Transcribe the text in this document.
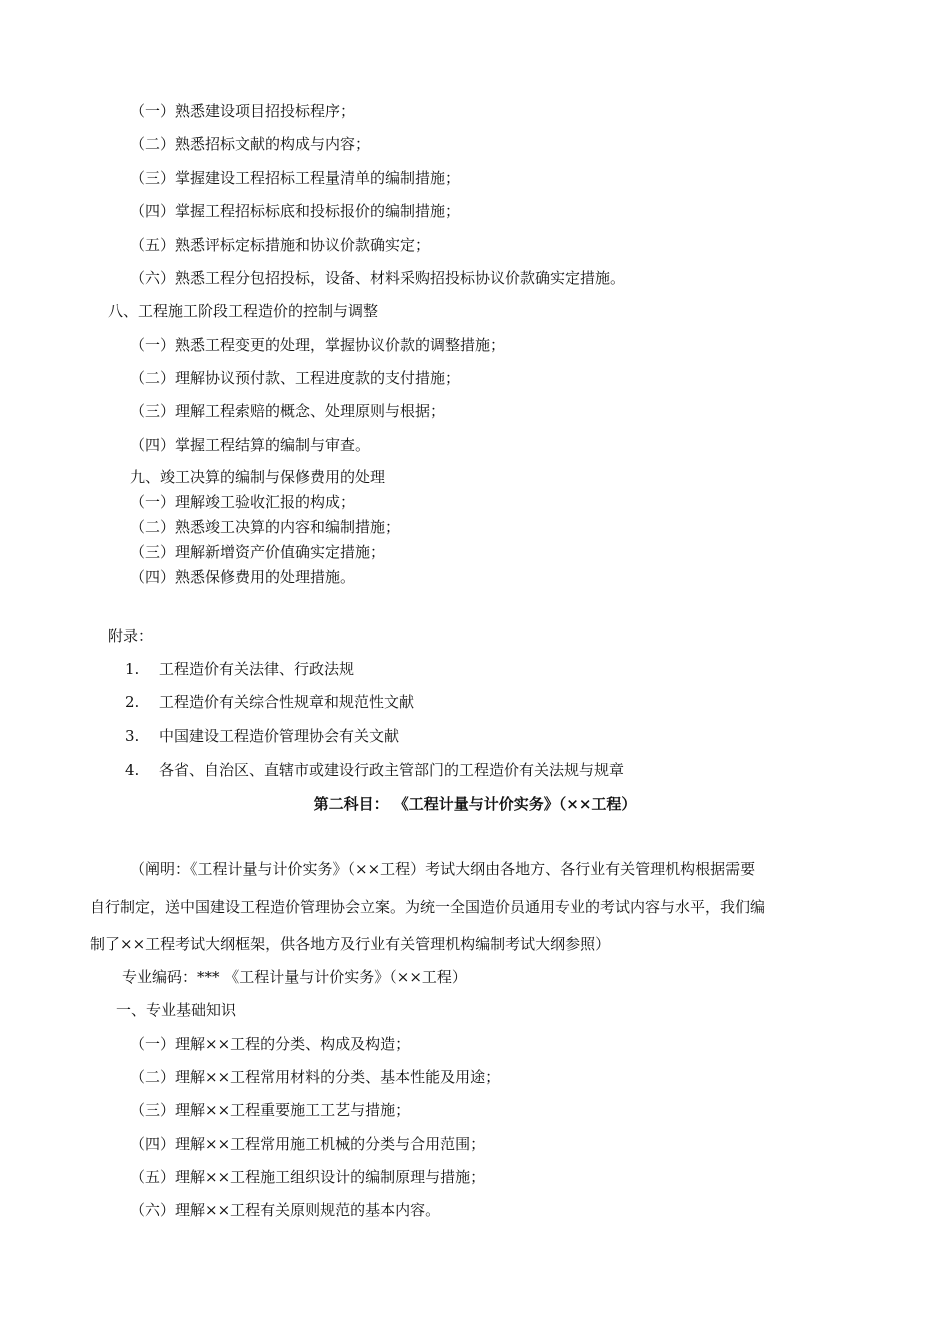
（一）熟悉建设项目招投标程序；
（二）熟悉招标文献的构成与内容；
（三）掌握建设工程招标工程量清单的编制措施；
（四）掌握工程招标标底和投标报价的编制措施；
（五）熟悉评标定标措施和协议价款确实定；
（六）熟悉工程分包招投标，设备、材料采购招投标协议价款确实定措施。
八、工程施工阶段工程造价的控制与调整
（一）熟悉工程变更的处理，掌握协议价款的调整措施；
（二）理解协议预付款、工程进度款的支付措施；
（三）理解工程索赔的概念、处理原则与根据；
（四）掌握工程结算的编制与审查。
九、竣工决算的编制与保修费用的处理
（一）理解竣工验收汇报的构成；
（二）熟悉竣工决算的内容和编制措施；
（三）理解新增资产价值确实定措施；
（四）熟悉保修费用的处理措施。
附录：
1. 工程造价有关法律、行政法规
2. 工程造价有关综合性规章和规范性文献
3. 中国建设工程造价管理协会有关文献
4. 各省、自治区、直辖市或建设行政主管部门的工程造价有关法规与规章
第二科目： 《工程计量与计价实务》（××工程）
（阐明：《工程计量与计价实务》（××工程）考试大纲由各地方、各行业有关管理机构根据需要
自行制定，送中国建设工程造价管理协会立案。为统一全国造价员通用专业的考试内容与水平，我们编
制了××工程考试大纲框架，供各地方及行业有关管理机构编制考试大纲参照）
专业编码：*** 《工程计量与计价实务》（××工程）
一、专业基础知识
（一）理解××工程的分类、构成及构造；
（二）理解××工程常用材料的分类、基本性能及用途；
（三）理解××工程重要施工工艺与措施；
（四）理解××工程常用施工机械的分类与合用范围；
（五）理解××工程施工组织设计的编制原理与措施；
（六）理解××工程有关原则规范的基本内容。
